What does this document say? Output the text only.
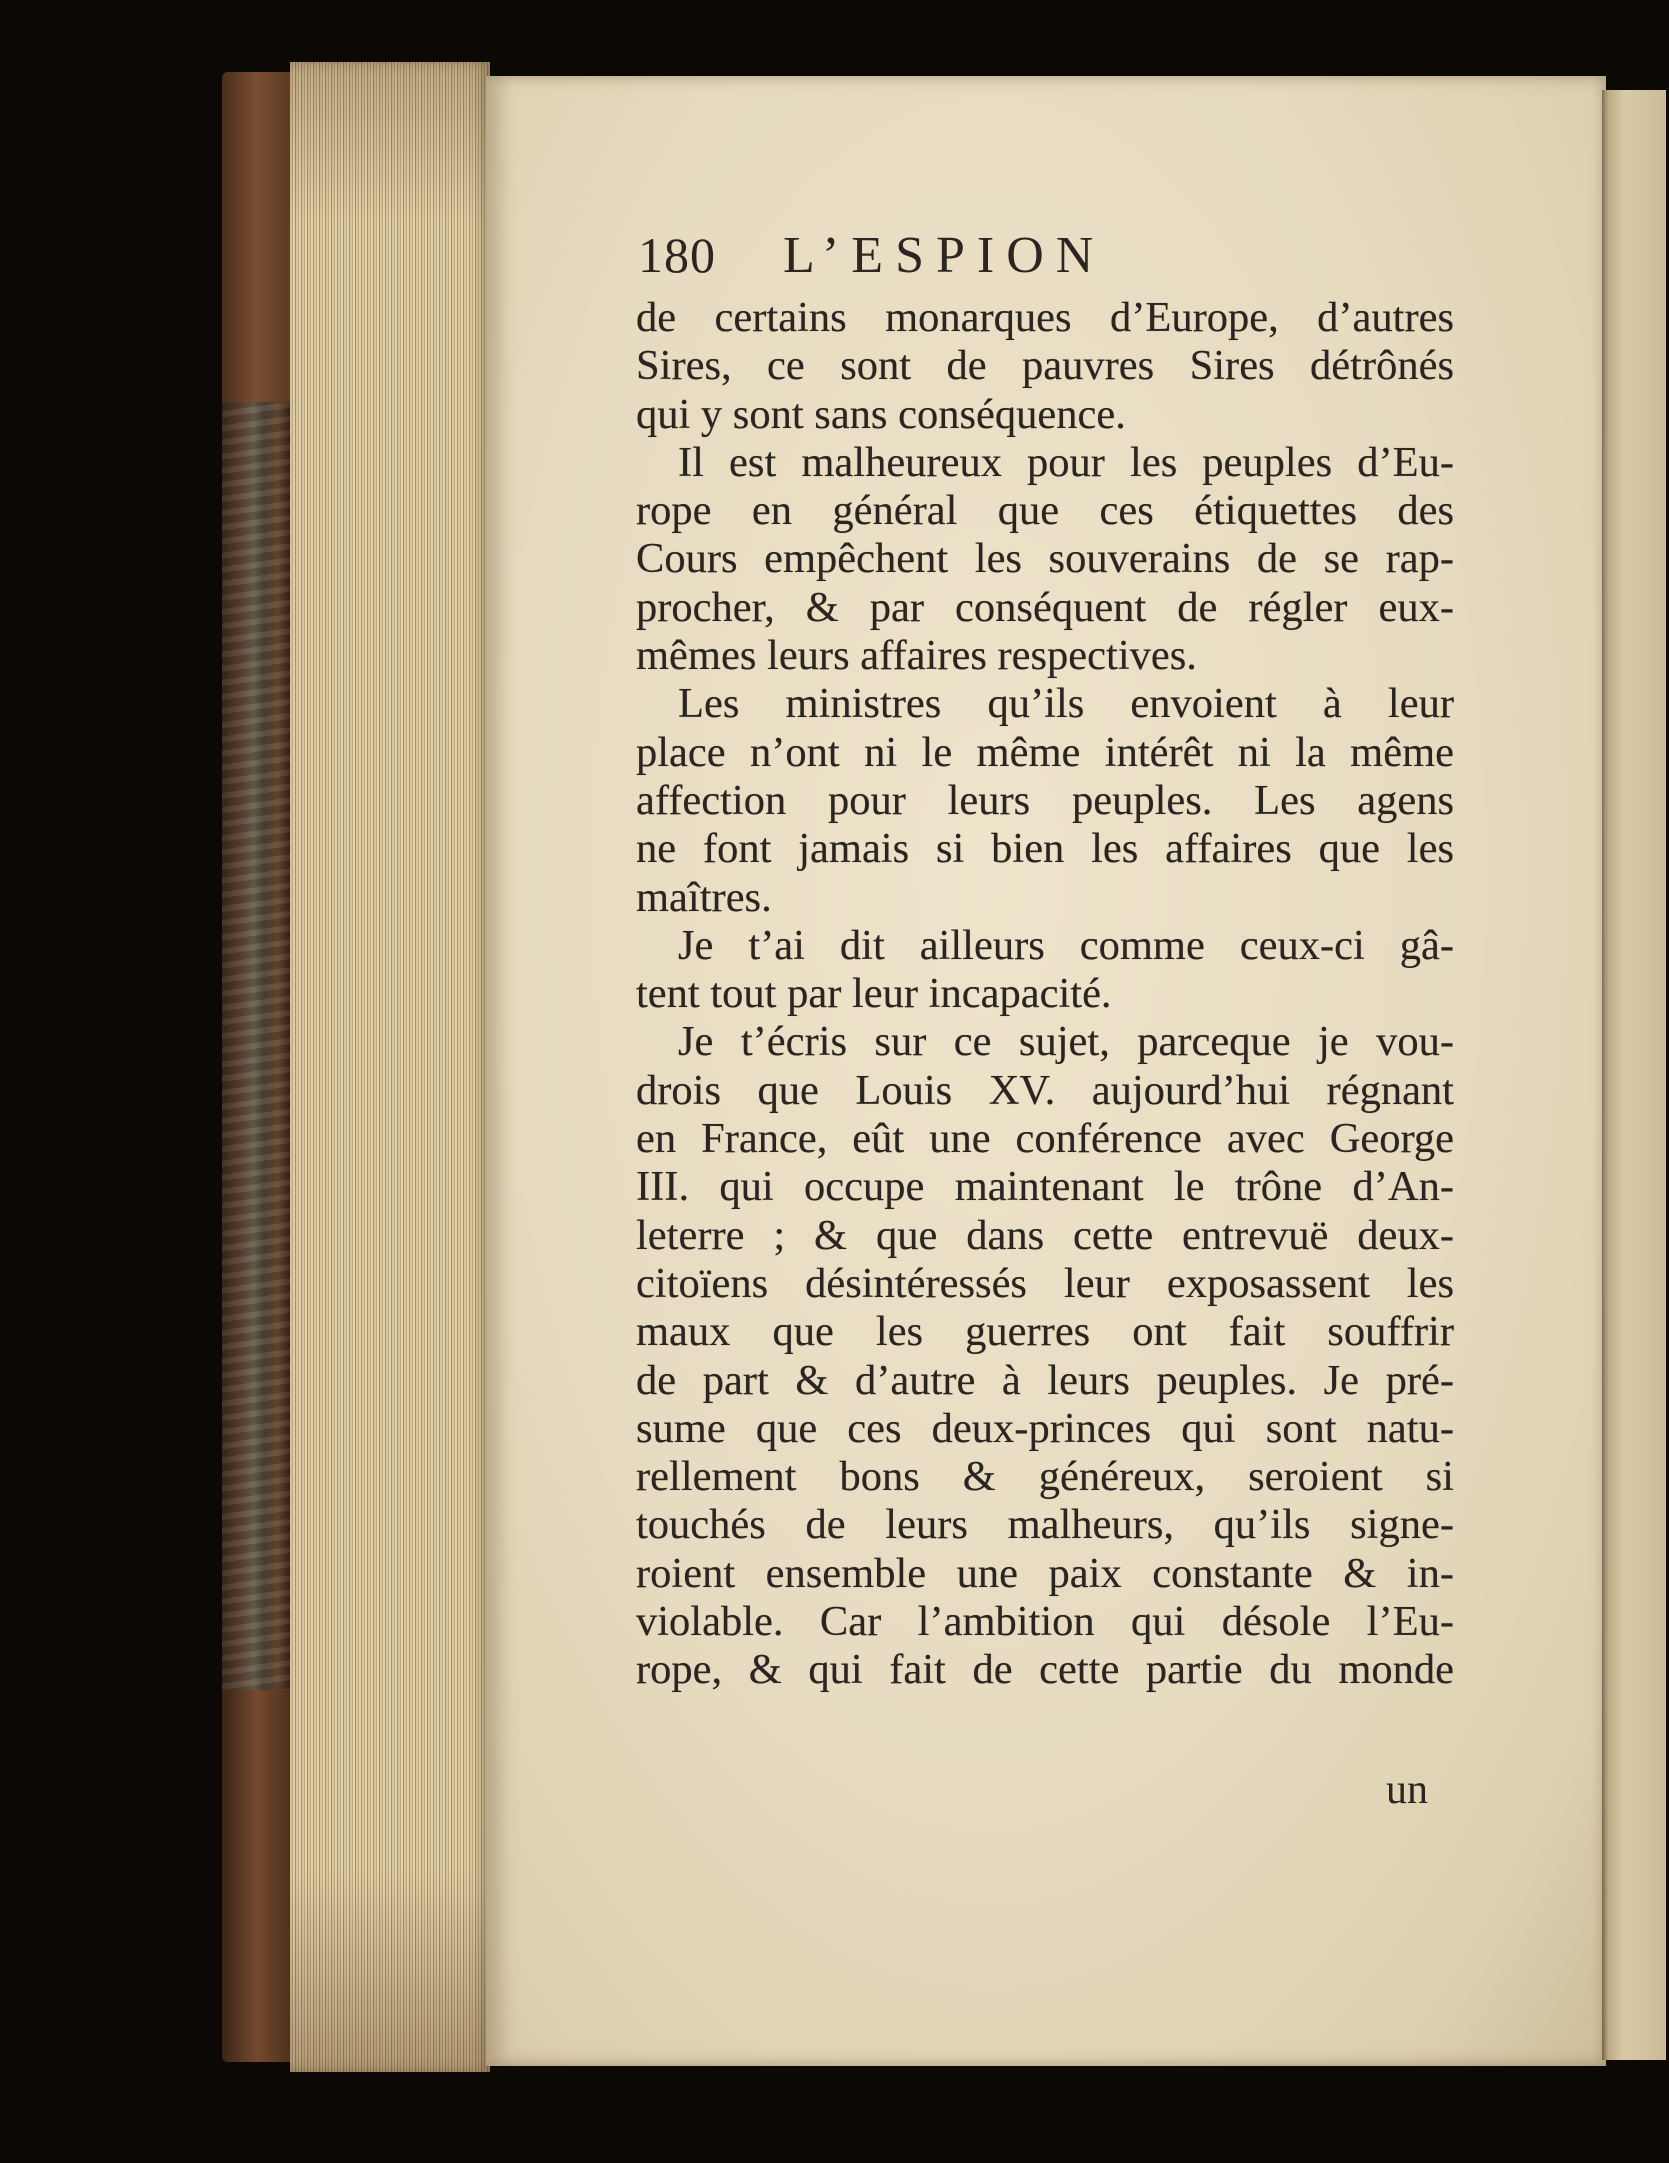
180 L’ESPION
de certains monarques d’Europe, d’autres
Sires, ce sont de pauvres Sires détrônés
qui y sont sans conséquence.
Il est malheureux pour les peuples d’Eu-
rope en général que ces étiquettes des
Cours empêchent les souverains de se rap-
procher, & par conséquent de régler eux-
mêmes leurs affaires respectives.
Les ministres qu’ils envoient à leur
place n’ont ni le même intérêt ni la même
affection pour leurs peuples. Les agens
ne font jamais si bien les affaires que les
maîtres.
Je t’ai dit ailleurs comme ceux-ci gâ-
tent tout par leur incapacité.
Je t’écris sur ce sujet, parceque je vou-
drois que Louis XV. aujourd’hui régnant
en France, eût une conférence avec George
III. qui occupe maintenant le trône d’An-
leterre ; & que dans cette entrevuë deux-
citoïens désintéressés leur exposassent les
maux que les guerres ont fait souffrir
de part & d’autre à leurs peuples. Je pré-
sume que ces deux-princes qui sont natu-
rellement bons & généreux, seroient si
touchés de leurs malheurs, qu’ils signe-
roient ensemble une paix constante & in-
violable. Car l’ambition qui désole l’Eu-
rope, & qui fait de cette partie du monde
un
